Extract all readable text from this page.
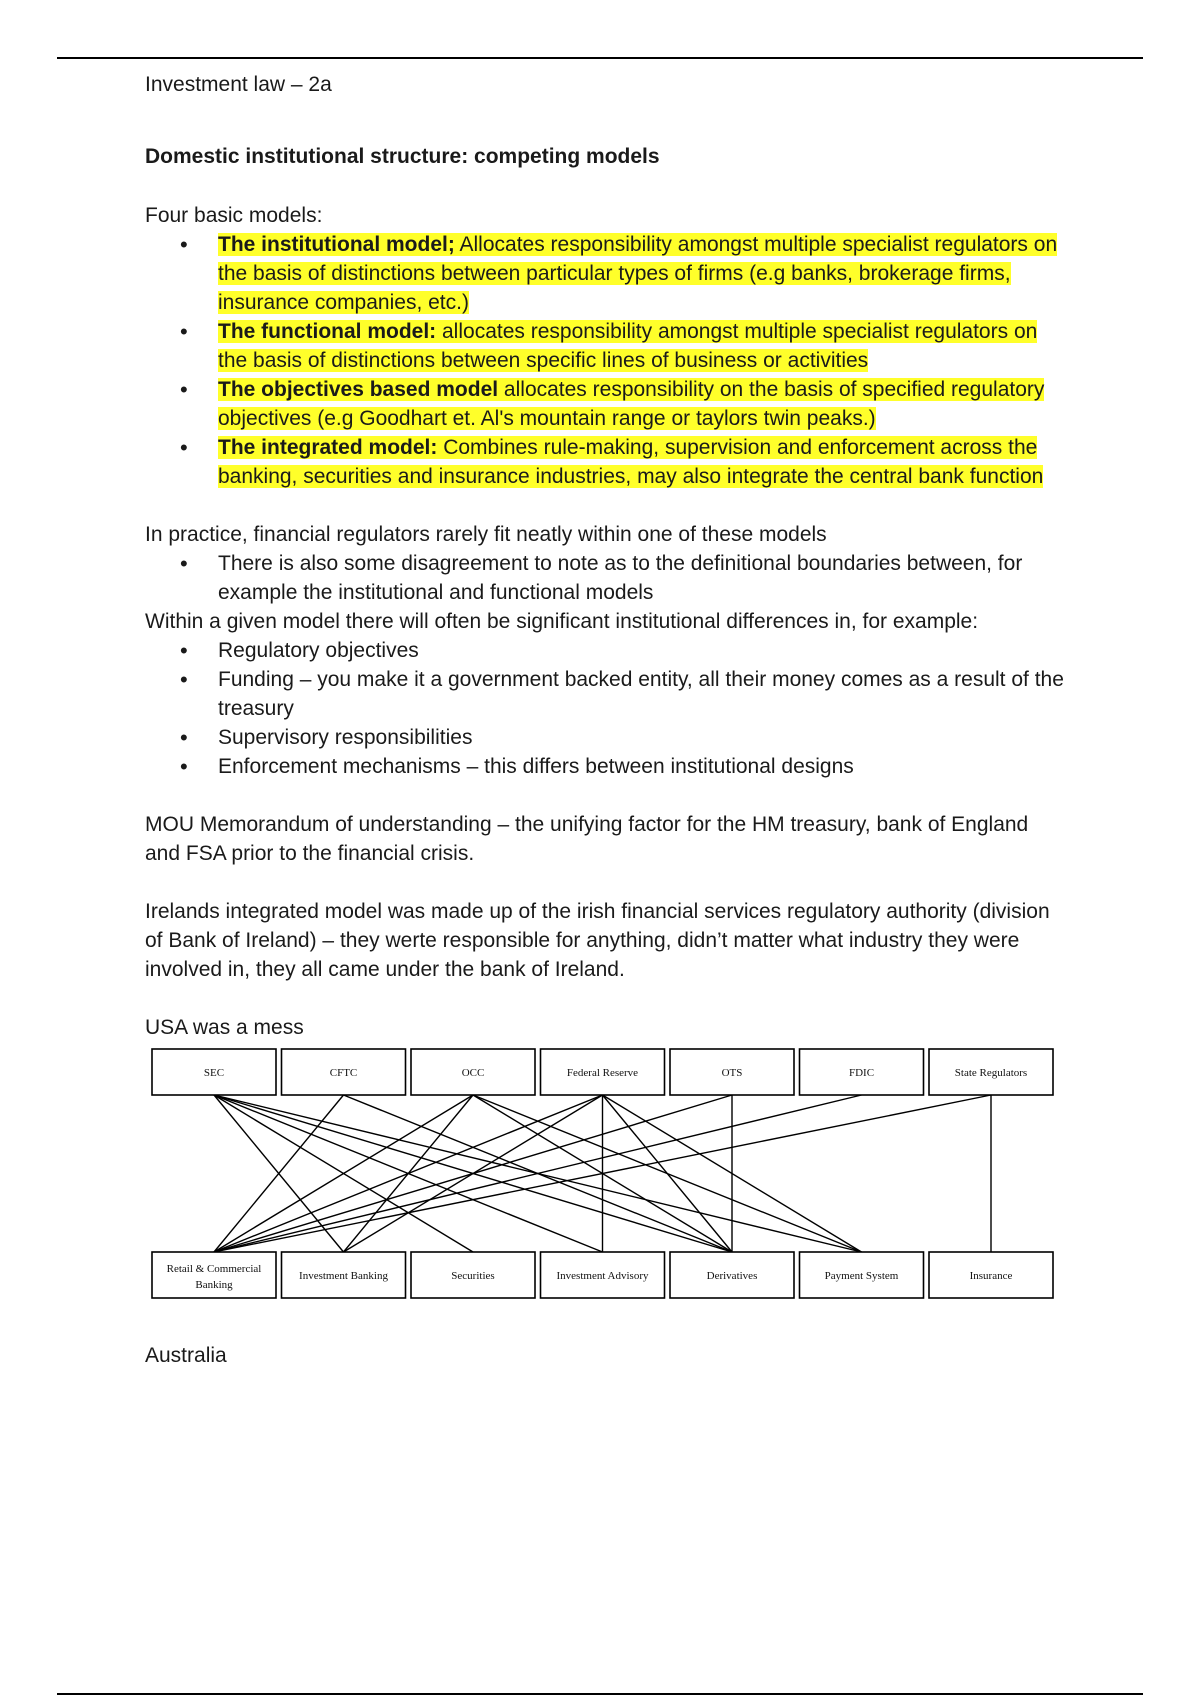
Investment law – 2a

Domestic institutional structure: competing models

Four basic models:

• The institutional model; Allocates responsibility amongst multiple specialist regulators on the basis of distinctions between particular types of firms (e.g banks, brokerage firms, insurance companies, etc.)
• The functional model: allocates responsibility amongst multiple specialist regulators on the basis of distinctions between specific lines of business or activities
• The objectives based model allocates responsibility on the basis of specified regulatory objectives (e.g Goodhart et. Al's mountain range or taylors twin peaks.)
• The integrated model: Combines rule-making, supervision and enforcement across the banking, securities and insurance industries, may also integrate the central bank function

In practice, financial regulators rarely fit neatly within one of these models

• There is also some disagreement to note as to the definitional boundaries between, for example the institutional and functional models

Within a given model there will often be significant institutional differences in, for example:

• Regulatory objectives
• Funding – you make it a government backed entity, all their money comes as a result of the treasury
• Supervisory responsibilities
• Enforcement mechanisms – this differs between institutional designs

MOU Memorandum of understanding – the unifying factor for the HM treasury, bank of England and FSA prior to the financial crisis.

Irelands integrated model was made up of the irish financial services regulatory authority (division of Bank of Ireland) – they werte responsible for anything, didn’t matter what industry they were involved in, they all came under the bank of Ireland.

USA was a mess

SEC	CFTC	OCC	Federal Reserve	OTS	FDIC	State Regulators
Retail & Commercial
Banking
Investment Banking	Securities	Investment Advisory	Derivatives	Payment System	Insurance

Australia
